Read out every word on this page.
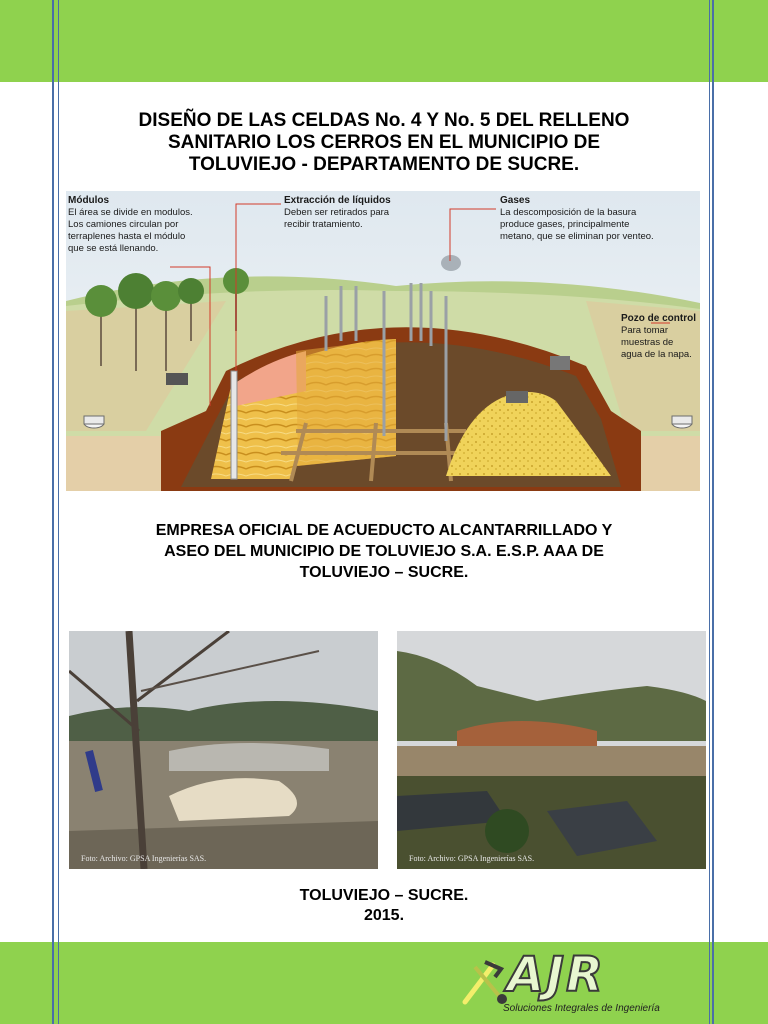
DISEÑO DE LAS CELDAS No. 4 Y No. 5 DEL RELLENO
SANITARIO LOS CERROS EN EL MUNICIPIO DE
TOLUVIEJO - DEPARTAMENTO DE SUCRE.
Módulos
El área se divide en modulos.
Los camiones circulan por
terraplenes hasta el módulo
que se está llenando.
Extracción de líquidos
Deben ser retirados para
recibir tratamiento.
Gases
La descomposición de la basura
produce gases, principalmente
metano, que se eliminan por venteo.
Pozo de control
Para tomar
muestras de
agua de la napa.
EMPRESA OFICIAL DE ACUEDUCTO ALCANTARRILLADO Y
ASEO DEL MUNICIPIO DE TOLUVIEJO S.A. E.S.P. AAA DE
TOLUVIEJO – SUCRE.
Foto: Archivo: GPSA Ingenierías SAS.	Foto: Archivo: GPSA Ingenierías SAS.
TOLUVIEJO – SUCRE.
2015.
AJR
Soluciones Integrales de Ingeniería
